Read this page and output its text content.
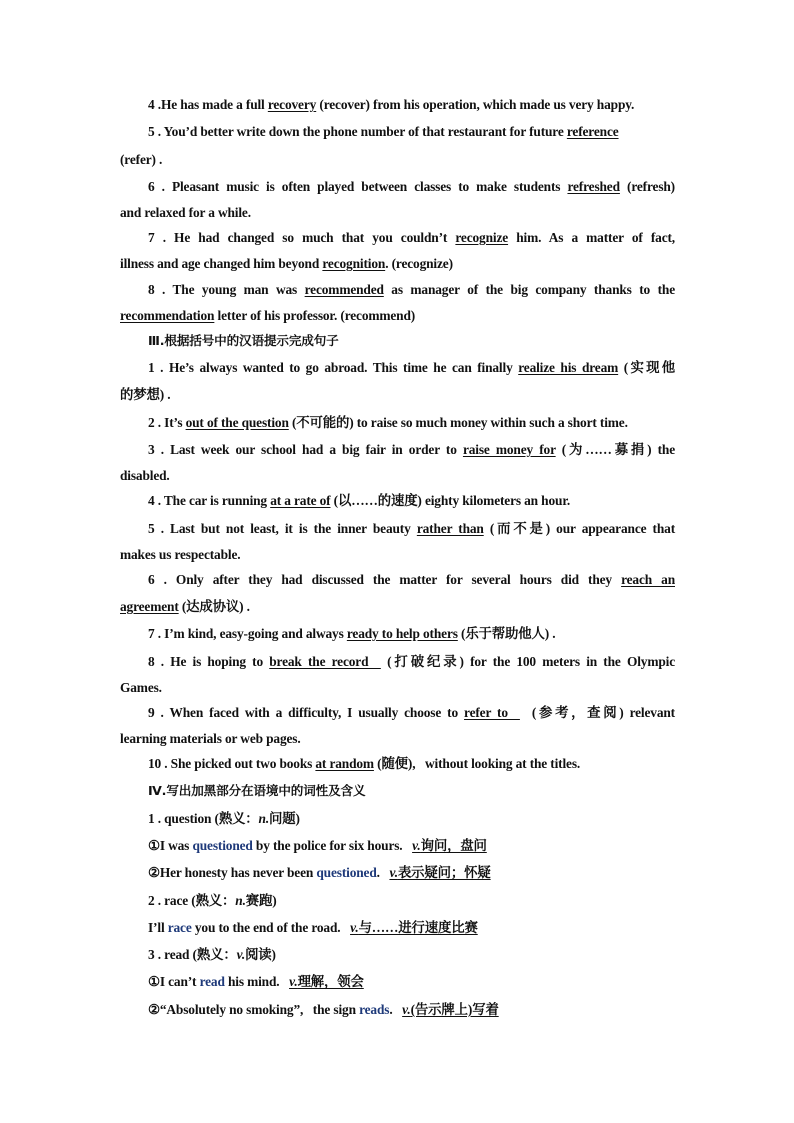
4 .He has made a full recovery (recover) from his operation, which made us very happy.
5 . You’d better write down the phone number of that restaurant for future reference
(refer) .
6 . Pleasant music is often played between classes to make students refreshed (refresh)
and relaxed for a while.
7 . He had changed so much that you couldn’t recognize him. As a matter of fact,
illness and age changed him beyond recognition. (recognize)
8 . The young man was recommended as manager of the big company thanks to the
recommendation letter of his professor. (recommend)
Ⅲ.根据括号中的汉语提示完成句子
1 . He’s always wanted to go abroad. This time he can finally realize his dream (实现他
的梦想) .
2 . It’s out of the question (不可能的) to raise so much money within such a short time.
3 . Last week our school had a big fair in order to raise money for (为……募捐) the
disabled.
4 . The car is running at a rate of (以……的速度) eighty kilometers an hour.
5 . Last but not least, it is the inner beauty rather than (而不是) our appearance that
makes us respectable.
6 . Only after they had discussed the matter for several hours did they reach an
agreement (达成协议) .
7 . I’m kind, easy-going and always ready to help others (乐于帮助他人) .
8 . He is hoping to break the record   (打破纪录) for the 100 meters in the Olympic
Games.
9 . When faced with a difficulty, I usually choose to refer to    (参考，查阅) relevant
learning materials or web pages.
10 . She picked out two books at random (随便),   without looking at the titles.
Ⅳ.写出加黑部分在语境中的词性及含义
1 . question (熟义：n.问题)
①I was questioned by the police for six hours.   v.询问，盘问
②Her honesty has never been questioned.   v.表示疑问；怀疑
2 . race (熟义：n.赛跑)
I’ll race you to the end of the road.   v.与……进行速度比赛
3 . read (熟义：v.阅读)
①I can’t read his mind.   v.理解，领会
②“Absolutely no smoking”,   the sign reads.   v.(告示牌上)写着
